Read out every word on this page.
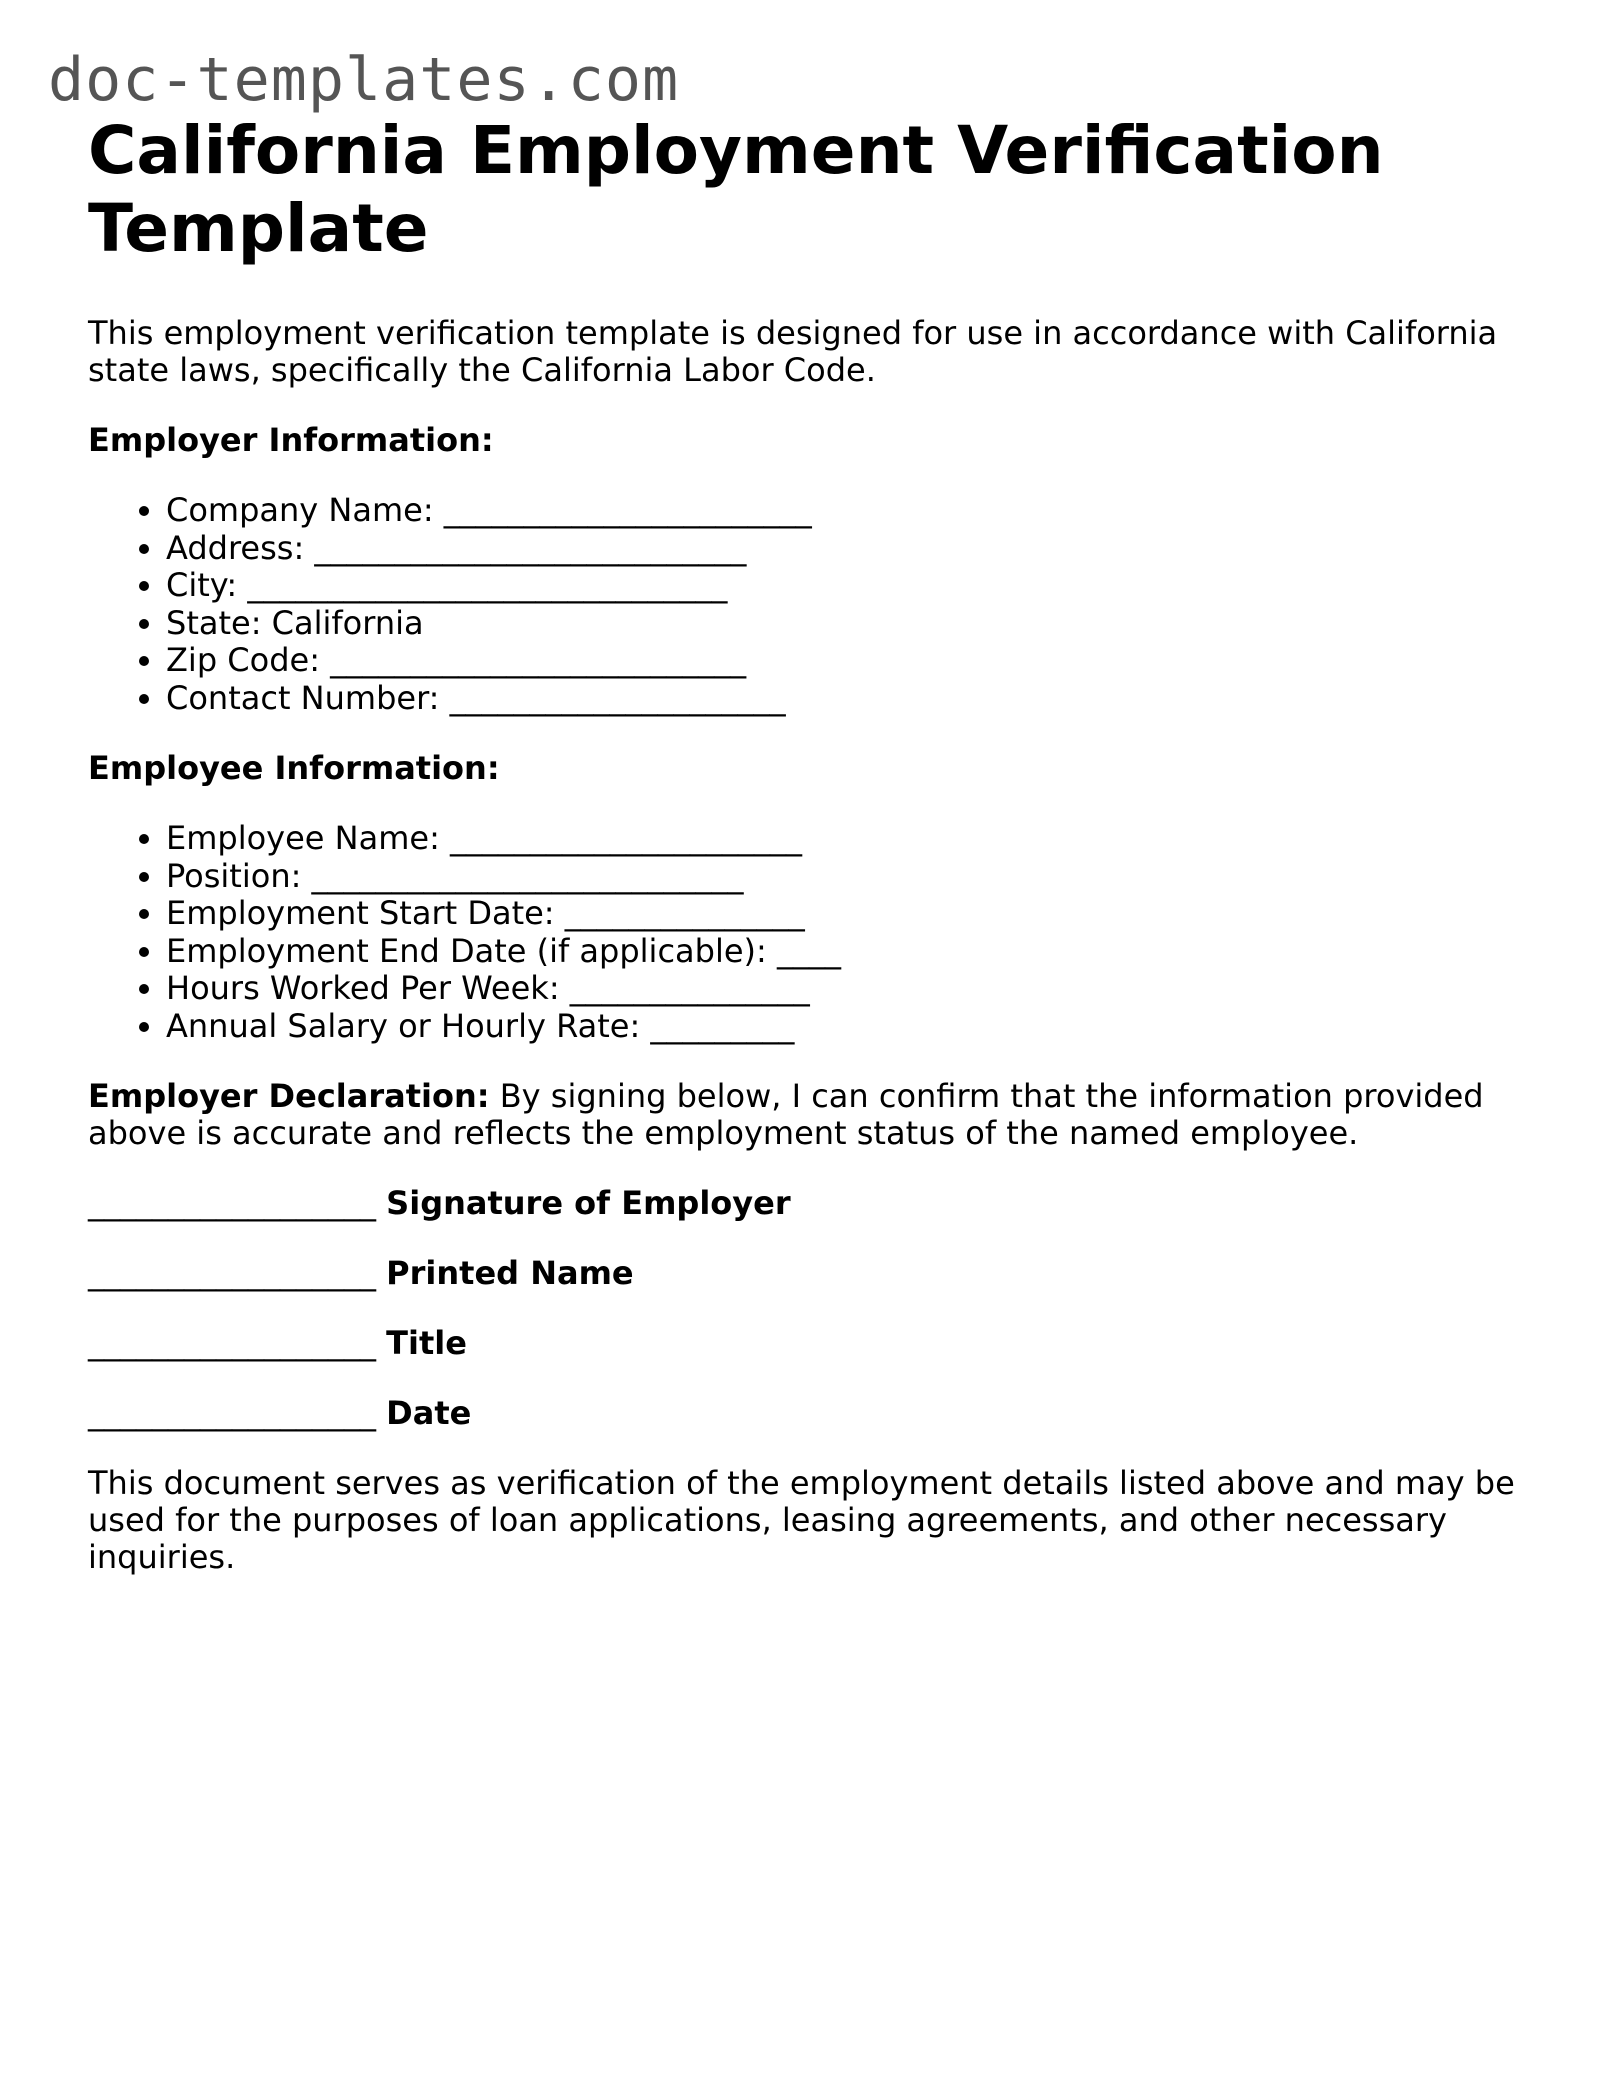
doc-templates.com
California Employment Verification Template

This employment verification template is designed for use in accordance with California state laws, specifically the California Labor Code.

Employer Information:

• Company Name: _______________________
• Address: ___________________________
• City: ______________________________
• State: California
• Zip Code: __________________________
• Contact Number: _____________________

Employee Information:

• Employee Name: ______________________
• Position: ___________________________
• Employment Start Date: _______________
• Employment End Date (if applicable): ____
• Hours Worked Per Week: _______________
• Annual Salary or Hourly Rate: _________

Employer Declaration: By signing below, I can confirm that the information provided above is accurate and reflects the employment status of the named employee.

__________________ Signature of Employer
__________________ Printed Name
__________________ Title
__________________ Date

This document serves as verification of the employment details listed above and may be used for the purposes of loan applications, leasing agreements, and other necessary inquiries.
